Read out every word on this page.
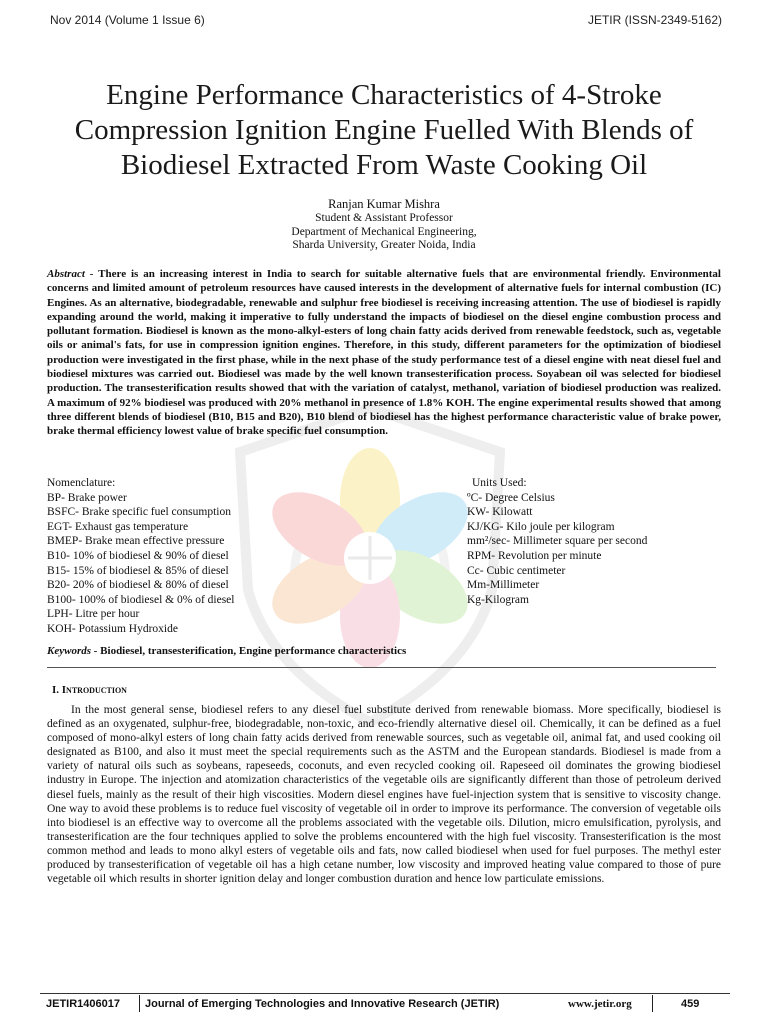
Nov 2014 (Volume 1 Issue 6)	JETIR (ISSN-2349-5162)
Engine Performance Characteristics of 4-Stroke
Compression Ignition Engine Fuelled With Blends of
Biodiesel Extracted From Waste Cooking Oil
Ranjan Kumar Mishra
Student & Assistant Professor
Department of Mechanical Engineering,
Sharda University, Greater Noida, India

Abstract - There is an increasing interest in India to search for suitable alternative fuels that are environmental friendly. Environmental concerns and limited amount of petroleum resources have caused interests in the development of alternative fuels for internal combustion (IC) Engines. As an alternative, biodegradable, renewable and sulphur free biodiesel is receiving increasing attention. The use of biodiesel is rapidly expanding around the world, making it imperative to fully understand the impacts of biodiesel on the diesel engine combustion process and pollutant formation. Biodiesel is known as the mono-alkyl-esters of long chain fatty acids derived from renewable feedstock, such as, vegetable oils or animal's fats, for use in compression ignition engines. Therefore, in this study, different parameters for the optimization of biodiesel production were investigated in the first phase, while in the next phase of the study performance test of a diesel engine with neat diesel fuel and biodiesel mixtures was carried out. Biodiesel was made by the well known transesterification process. Soyabean oil was selected for biodiesel production. The transesterification results showed that with the variation of catalyst, methanol, variation of biodiesel production was realized. A maximum of 92% biodiesel was produced with 20% methanol in presence of 1.8% KOH. The engine experimental results showed that among three different blends of biodiesel (B10, B15 and B20), B10 blend of biodiesel has the highest performance characteristic value of brake power, brake thermal efficiency lowest value of brake specific fuel consumption.

Nomenclature:
BP- Brake power
BSFC- Brake specific fuel consumption
EGT- Exhaust gas temperature
BMEP- Brake mean effective pressure
B10- 10% of biodiesel & 90% of diesel
B15- 15% of biodiesel & 85% of diesel
B20- 20% of biodiesel & 80% of diesel
B100- 100% of biodiesel & 0% of diesel
LPH- Litre per hour
KOH- Potassium Hydroxide
Units Used:
ºC- Degree Celsius
KW- Kilowatt
KJ/KG- Kilo joule per kilogram
mm²/sec- Millimeter square per second
RPM- Revolution per minute
Cc- Cubic centimeter
Mm-Millimeter
Kg-Kilogram
Keywords - Biodiesel, transesterification, Engine performance characteristics
I. Introduction

In the most general sense, biodiesel refers to any diesel fuel substitute derived from renewable biomass. More specifically, biodiesel is defined as an oxygenated, sulphur-free, biodegradable, non-toxic, and eco-friendly alternative diesel oil. Chemically, it can be defined as a fuel composed of mono-alkyl esters of long chain fatty acids derived from renewable sources, such as vegetable oil, animal fat, and used cooking oil designated as B100, and also it must meet the special requirements such as the ASTM and the European standards. Biodiesel is made from a variety of natural oils such as soybeans, rapeseeds, coconuts, and even recycled cooking oil. Rapeseed oil dominates the growing biodiesel industry in Europe. The injection and atomization characteristics of the vegetable oils are significantly different than those of petroleum derived diesel fuels, mainly as the result of their high viscosities. Modern diesel engines have fuel-injection system that is sensitive to viscosity change. One way to avoid these problems is to reduce fuel viscosity of vegetable oil in order to improve its performance. The conversion of vegetable oils into biodiesel is an effective way to overcome all the problems associated with the vegetable oils. Dilution, micro emulsification, pyrolysis, and transesterification are the four techniques applied to solve the problems encountered with the high fuel viscosity. Transesterification is the most common method and leads to mono alkyl esters of vegetable oils and fats, now called biodiesel when used for fuel purposes. The methyl ester produced by transesterification of vegetable oil has a high cetane number, low viscosity and improved heating value compared to those of pure vegetable oil which results in shorter ignition delay and longer combustion duration and hence low particulate emissions.

JETIR1406017 Journal of Emerging Technologies and Innovative Research (JETIR)	www.jetir.org	459
